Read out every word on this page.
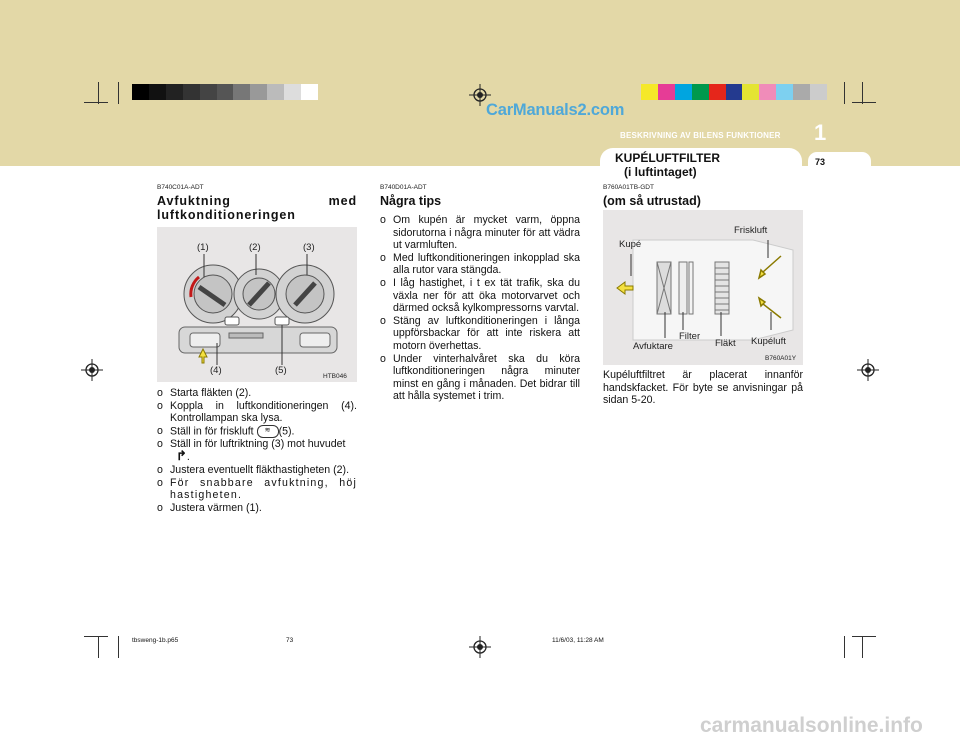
CarManuals2.com
BESKRIVNING AV BILENS FUNKTIONER 1
KUPÉLUFTFILTER
(i luftintaget)
73
B740C01A-ADT
Avfuktning med luftkonditioneringen
(1)	(2)	(3)
(4)	(5)
HTB046
o Starta fläkten (2).
o Koppla in luftkonditioneringen (4). Kontrollampan ska lysa.
o Ställ in för friskluft ≋ (5).
o Ställ in för luftriktning (3) mot huvudet
↱.
o Justera eventuellt fläkthastigheten (2).
o För snabbare avfuktning, höj hastigheten.
o Justera värmen (1).
B740D01A-ADT
Några tips
o Om kupén är mycket varm, öppna sidorutorna i några minuter för att vädra ut varmluften.
o Med luftkonditioneringen inkopplad ska alla rutor vara stängda.
o I låg hastighet, i t ex tät trafik, ska du växla ner för att öka motorvarvet och därmed också kylkompressorns varvtal.
o Stäng av luftkonditioneringen i långa uppförsbackar för att inte riskera att motorn överhettas.
o Under vinterhalvåret ska du köra luftkonditioneringen några minuter minst en gång i månaden. Det bidrar till att hålla systemet i trim.
B760A01TB-GDT
(om så utrustad)
Kupé
Friskluft
Filter
Avfuktare	Fläkt Kupéluft
B760A01Y
Kupéluftfiltret är placerat innanför handskfacket. För byte se anvisningar på sidan 5-20.
tbsweng-1b.p65	73	11/6/03, 11:28 AM
carmanualsonline.info
